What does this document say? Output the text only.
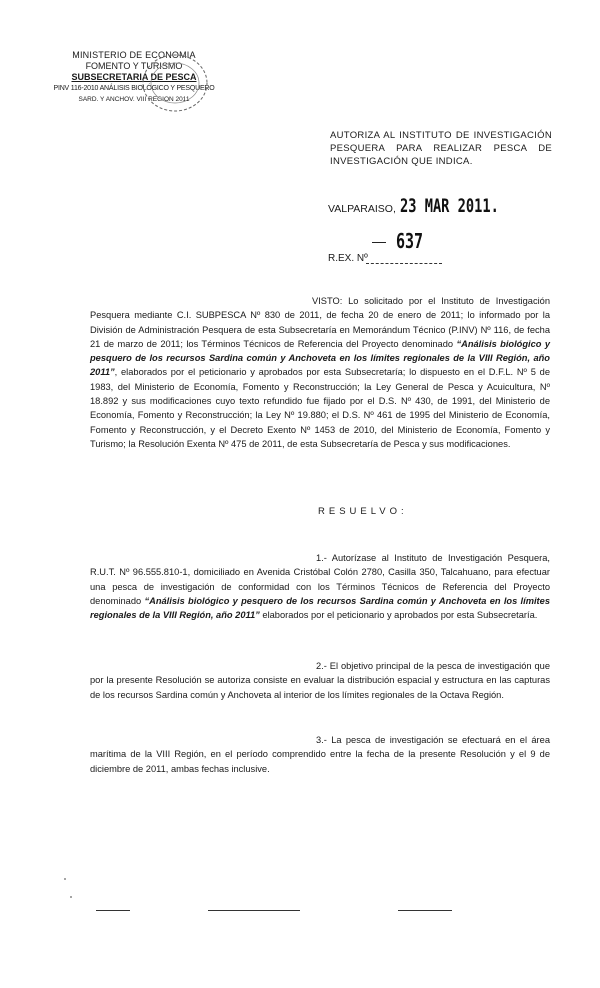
MINISTERIO DE ECONOMIA
FOMENTO Y TURISMO
SUBSECRETARIA DE PESCA
PINV 116-2010 ANÁLISIS BIOLÓGICO Y PESQUERO
SARD. Y ANCHOV. VIII REGION 2011
AUTORIZA AL INSTITUTO DE INVESTIGACIÓN PESQUERA PARA REALIZAR PESCA DE INVESTIGACIÓN QUE INDICA.
VALPARAISO, 23 MAR 2011.
637
R.EX. Nº

VISTO: Lo solicitado por el Instituto de Investigación Pesquera mediante C.I. SUBPESCA Nº 830 de 2011, de fecha 20 de enero de 2011; lo informado por la División de Administración Pesquera de esta Subsecretaría en Memorándum Técnico (P.INV) Nº 116, de fecha 21 de marzo de 2011; los Términos Técnicos de Referencia del Proyecto denominado “Análisis biológico y pesquero de los recursos Sardina común y Anchoveta en los límites regionales de la VIII Región, año 2011”, elaborados por el peticionario y aprobados por esta Subsecretaría; lo dispuesto en el D.F.L. Nº 5 de 1983, del Ministerio de Economía, Fomento y Reconstrucción; la Ley General de Pesca y Acuicultura, Nº 18.892 y sus modificaciones cuyo texto refundido fue fijado por el D.S. Nº 430, de 1991, del Ministerio de Economía, Fomento y Reconstrucción; la Ley Nº 19.880; el D.S. Nº 461 de 1995 del Ministerio de Economía, Fomento y Reconstrucción, y el Decreto Exento Nº 1453 de 2010, del Ministerio de Economía, Fomento y Turismo; la Resolución Exenta Nº 475 de 2011, de esta Subsecretaría de Pesca y sus modificaciones.

RESUELVO:

1.- Autorízase al Instituto de Investigación Pesquera, R.U.T. Nº 96.555.810-1, domiciliado en Avenida Cristóbal Colón 2780, Casilla 350, Talcahuano, para efectuar una pesca de investigación de conformidad con los Términos Técnicos de Referencia del Proyecto denominado “Análisis biológico y pesquero de los recursos Sardina común y Anchoveta en los límites regionales de la VIII Región, año 2011” elaborados por el peticionario y aprobados por esta Subsecretaría.

2.- El objetivo principal de la pesca de investigación que por la presente Resolución se autoriza consiste en evaluar la distribución espacial y estructura en las capturas de los recursos Sardina común y Anchoveta al interior de los límites regionales de la Octava Región.

3.- La pesca de investigación se efectuará en el área marítima de la VIII Región, en el período comprendido entre la fecha de la presente Resolución y el 9 de diciembre de 2011, ambas fechas inclusive.
